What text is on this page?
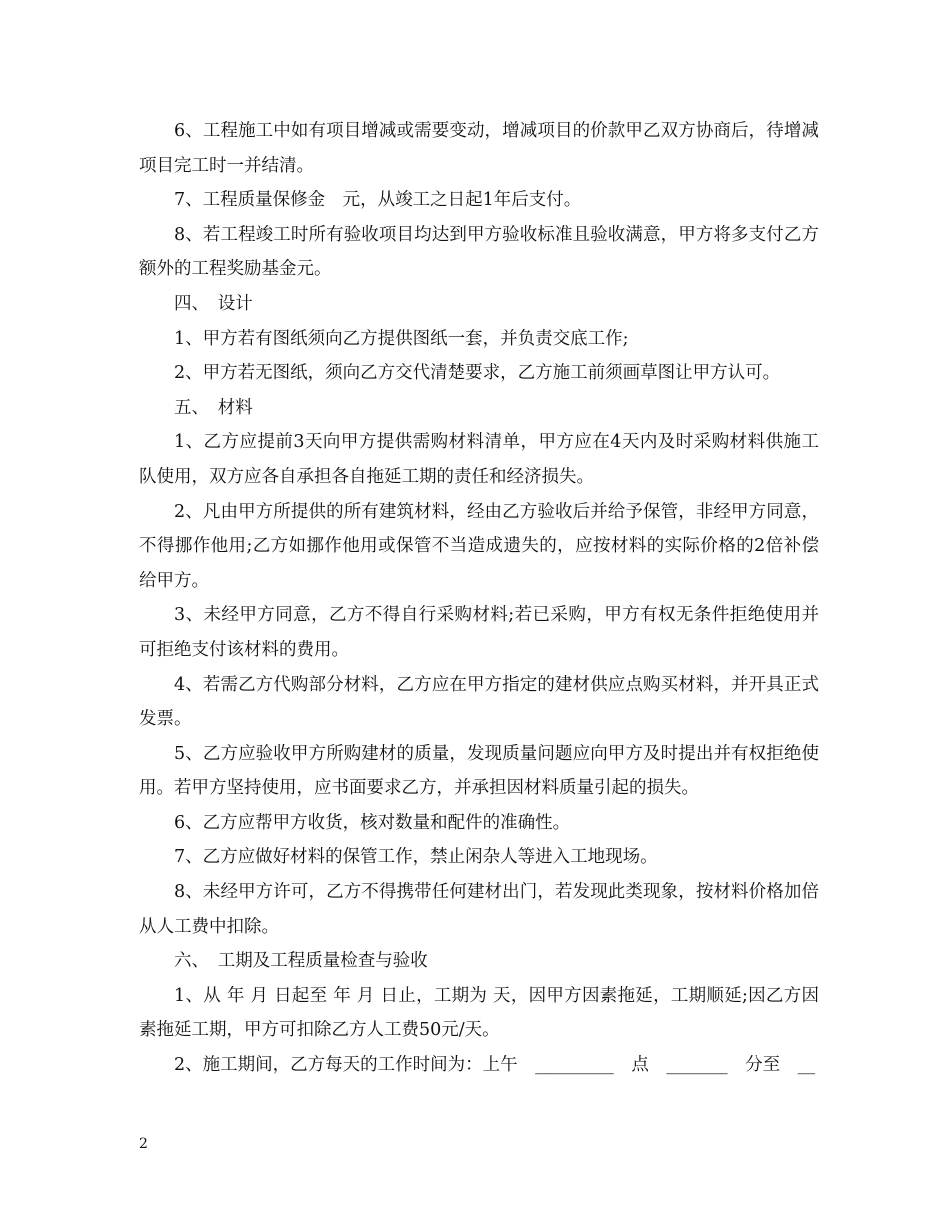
6、工程施工中如有项目增减或需要变动，增减项目的价款甲乙双方协商后，待增减项目完工时一并结清。

7、工程质量保修金　元，从竣工之日起1年后支付。

8、若工程竣工时所有验收项目均达到甲方验收标准且验收满意，甲方将多支付乙方额外的工程奖励基金元。

四、　设计

1、甲方若有图纸须向乙方提供图纸一套，并负责交底工作;

2、甲方若无图纸，须向乙方交代清楚要求，乙方施工前须画草图让甲方认可。

五、　材料

1、乙方应提前3天向甲方提供需购材料清单，甲方应在4天内及时采购材料供施工队使用，双方应各自承担各自拖延工期的责任和经济损失。

2、凡由甲方所提供的所有建筑材料，经由乙方验收后并给予保管，非经甲方同意，不得挪作他用;乙方如挪作他用或保管不当造成遗失的，应按材料的实际价格的2倍补偿给甲方。

3、未经甲方同意，乙方不得自行采购材料;若已采购，甲方有权无条件拒绝使用并可拒绝支付该材料的费用。

4、若需乙方代购部分材料，乙方应在甲方指定的建材供应点购买材料，并开具正式发票。

5、乙方应验收甲方所购建材的质量，发现质量问题应向甲方及时提出并有权拒绝使用。若甲方坚持使用，应书面要求乙方，并承担因材料质量引起的损失。

6、乙方应帮甲方收货，核对数量和配件的准确性。

7、乙方应做好材料的保管工作，禁止闲杂人等进入工地现场。

8、未经甲方许可，乙方不得携带任何建材出门，若发现此类现象，按材料价格加倍从人工费中扣除。

六、　工期及工程质量检查与验收

1、从 年 月 日起至 年 月 日止，工期为 天，因甲方因素拖延，工期顺延;因乙方因素拖延工期，甲方可扣除乙方人工费50元/天。

2、施工期间，乙方每天的工作时间为：上午　_________　点　_______　分至　__

2
